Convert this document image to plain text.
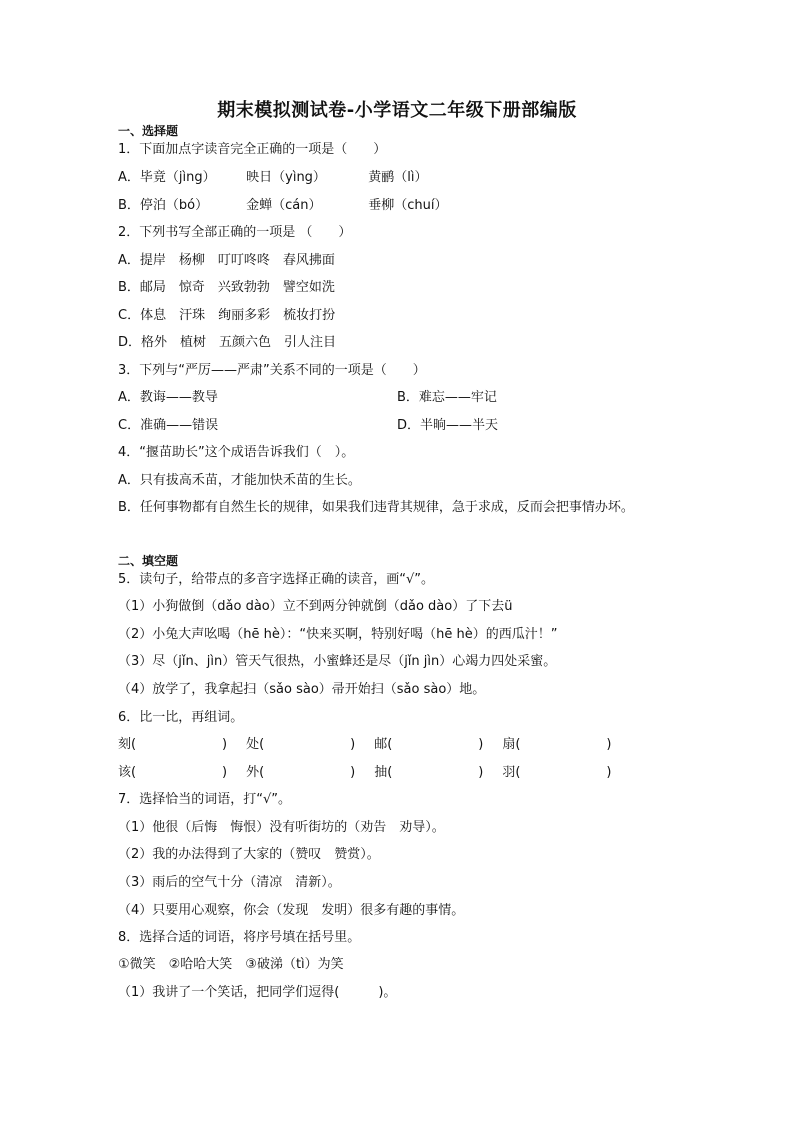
期末模拟测试卷-小学语文二年级下册部编版
一、选择题
1．下面加点字读音完全正确的一项是（　　）
A．毕竟（jìng） 映日（yìng）	黄鹂（lì）
B．停泊（bó）	金蝉（cán）	垂柳（chuí）
2．下列书写全部正确的一项是 （　　）
A．提岸　杨柳　叮叮咚咚　春风拂面
B．邮局　惊奇　兴致勃勃　譬空如洗
C．体息　汗珠　绚丽多彩　梳妆打扮
D．格外　植树　五颜六色　引人注目
3．下列与“严厉——严肃”关系不同的一项是（　　）
A．教诲——教导	B．难忘——牢记
C．准确——错误	D．半晌——半天
4．“揠苗助长”这个成语告诉我们（　）。
A．只有拔高禾苗，才能加快禾苗的生长。
B．任何事物都有自然生长的规律，如果我们违背其规律，急于求成，反而会把事情办坏。
二、填空题
5．读句子，给带点的多音字选择正确的读音，画“√”。
（1）小狗做倒（dǎo dào）立不到两分钟就倒（dǎo dào）了下去ü
（2）小兔大声吆喝（hē hè）：“快来买啊，特别好喝（hē hè）的西瓜汁！”
（3）尽（jǐn、jìn）管天气很热，小蜜蜂还是尽（jǐn jìn）心竭力四处采蜜。
（4）放学了，我拿起扫（sǎo sào）帚开始扫（sǎo sào）地。
6．比一比，再组词。
刻(	) 处(	) 邮(	) 扇(	)
该(	) 外(	) 抽(	) 羽(	)
7．选择恰当的词语，打“√”。
（1）他很（后悔　悔恨）没有听街坊的（劝告　劝导）。
（2）我的办法得到了大家的（赞叹　赞赏）。
（3）雨后的空气十分（清凉　清新）。
（4）只要用心观察，你会（发现　发明）很多有趣的事情。
8．选择合适的词语，将序号填在括号里。
①微笑　②哈哈大笑　③破涕（tì）为笑
（1）我讲了一个笑话，把同学们逗得(　　　)。
